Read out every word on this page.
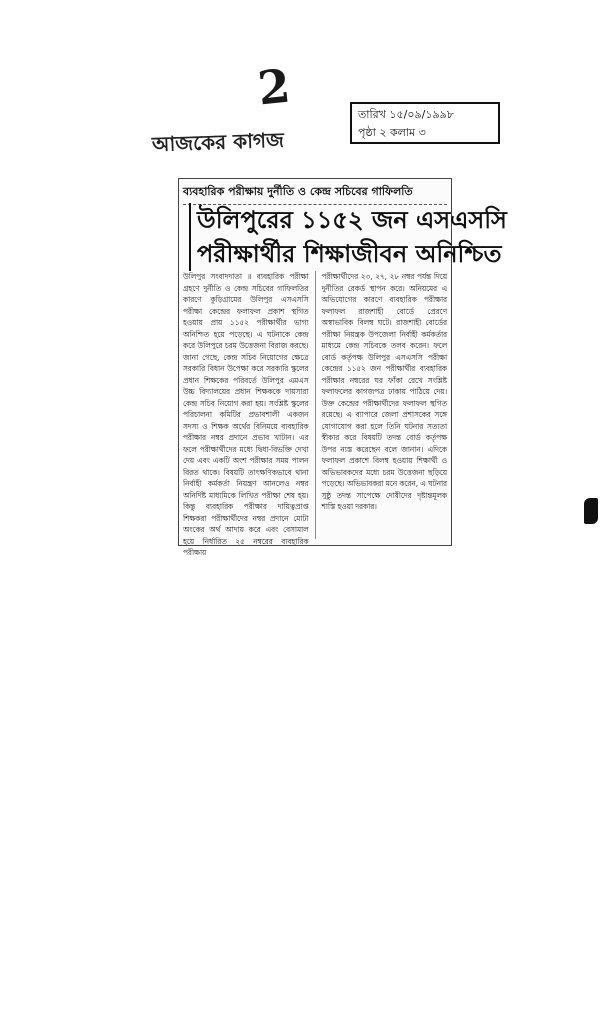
2	তারিখ ১৫/০৯/১৯৯৮
পৃষ্ঠা ২ কলাম ৩
আজকের কাগজ
ব্যবহারিক পরীক্ষায় দুর্নীতি ও কেন্দ্র সচিবের গাফিলতি
উলিপুরের ১১৫২ জন এসএসসি
পরীক্ষার্থীর শিক্ষাজীবন অনিশ্চিত
উলিপুর সংবাদদাতা ॥ ব্যবহারিক পরীক্ষা গ্রহণে দুর্নীতি ও কেন্দ্র সচিবের গাফিলতির কারণে কুড়িগ্রামের উলিপুর এসএসসি পরীক্ষা কেন্দ্রের ফলাফল প্রকাশ স্থগিত হওয়ায় প্রায় ১১৫২ পরীক্ষার্থীর ভাগ্য অনিশ্চিত হয়ে পড়েছে। এ ঘটনাকে কেন্দ্র করে উলিপুরে চরম উত্তেজনা বিরাজ করছে। জানা গেছে, কেন্দ্র সচিব নিয়োগের ক্ষেত্রে সরকারি বিধান উপেক্ষা করে সরকারি স্কুলের প্রধান শিক্ষকের পরিবর্তে উলিপুর এমএস উচ্চ বিদ্যালয়ের প্রধান শিক্ষককে দায়সারা কেন্দ্র সচিব নিয়োগ করা হয়। সংশ্লিষ্ট স্কুলের পরিচালনা কমিটির প্রভাবশালী একজন সদস্য ও শিক্ষক অর্থের বিনিময়ে ব্যবহারিক পরীক্ষার নম্বর প্রদানে প্রভাব খাটান। এর ফলে পরীক্ষার্থীদের মধ্যে দ্বিধা-বিভক্তি দেখা দেয় এবং একটি অংশ পরীক্ষার সময় পালন বিরত থাকে। বিষয়টি তাৎক্ষণিকভাবে থানা নির্বাহী কর্মকর্তা নিয়ন্ত্রণ আনলেও নম্বর অনির্দিষ্ট মাধ্যমিকে লিখিত পরীক্ষা শেষ হয়। কিন্তু ব্যবহারিক পরীক্ষার দায়িত্বপ্রাপ্ত শিক্ষকরা পরীক্ষার্থীদের নম্বর প্রদানে মোটা অংকের অর্থ আদায় করে এবং বেসামাল হয়ে নির্ধারিত ২৫ নম্বরের ব্যবহারিক পরীক্ষায়
পরীক্ষার্থীদের ২৩, ২৭, ২৮ নম্বর পর্যন্ত দিয়ে দুর্নীতির রেকর্ড স্থাপন করে। অনিয়মের এ অভিযোগের কারণে ব্যবহারিক পরীক্ষার ফলাফল রাজশাহী বোর্ডে প্রেরণে অস্বাভাবিক বিলম্ব ঘটে। রাজশাহী বোর্ডের পরীক্ষা নিয়ন্ত্রক উপজেলা নির্বাহী কর্মকর্তার মাধ্যমে কেন্দ্র সচিবকে তলব করেন। ফলে বোর্ড কর্তৃপক্ষ উলিপুর এসএসসি পরীক্ষা কেন্দ্রের ১১৫২ জন পরীক্ষার্থীর ব্যবহারিক পরীক্ষার নম্বরের ঘর ফাঁকা রেখে সংশ্লিষ্ট ফলাফলের কাগজপত্র ঢাকায় পাঠিয়ে দেয়। উক্ত কেন্দ্রের পরীক্ষার্থীদের ফলাফল স্থগিত রয়েছে। এ ব্যাপারে জেলা প্রশাসকের সঙ্গে যোগাযোগ করা হলে তিনি ঘটনার সত্যতা স্বীকার করে বিষয়টি তদন্ত বোর্ড কর্তৃপক্ষ উপর ন্যস্ত করেছেন বলে জানান। এদিকে ফলাফল প্রকাশে বিলম্ব হওয়ায় শিক্ষার্থী ও অভিভাবকদের মধ্যে চরম উত্তেজনা ছড়িয়ে পড়েছে। অভিভাবকরা মনে করেন, এ ঘটনার সুষ্ঠু তদন্ত সাপেক্ষে দোষীদের দৃষ্টান্তমূলক শাস্তি হওয়া দরকার।
